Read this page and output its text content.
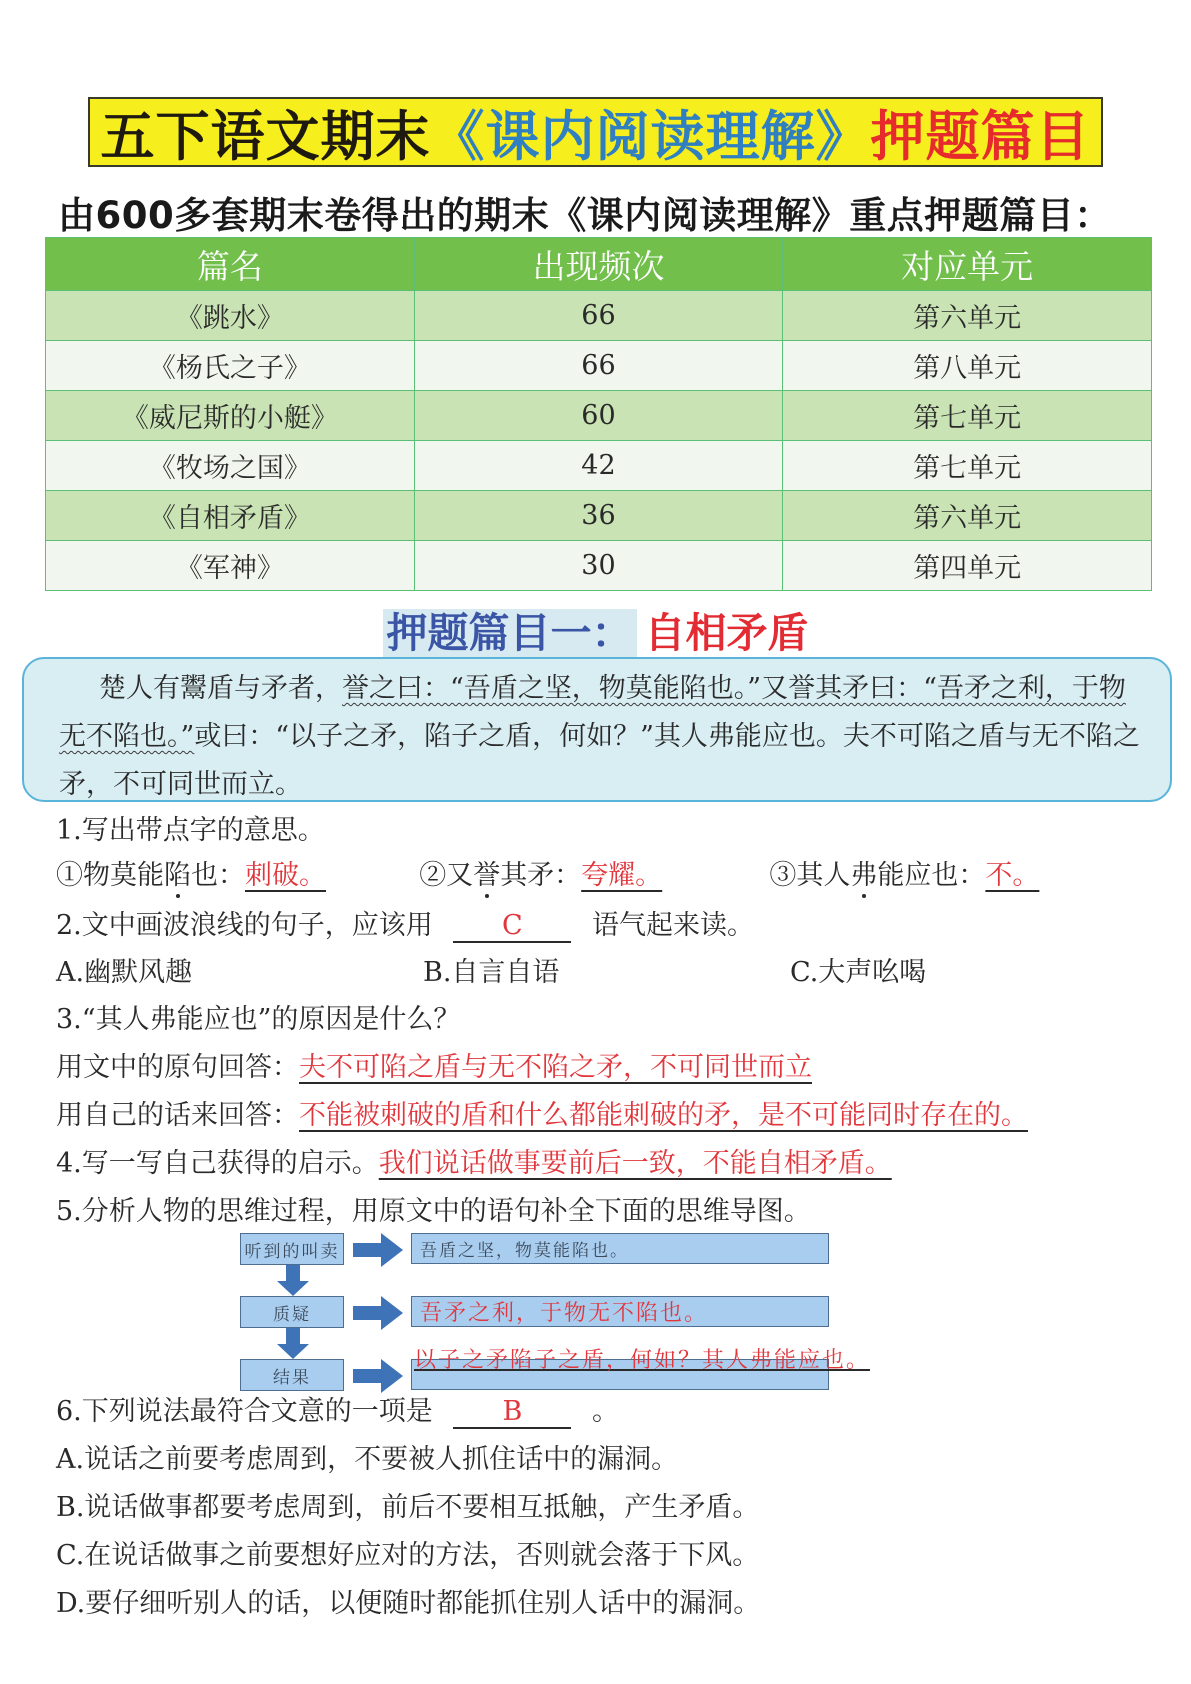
五下语文期末 《课内阅读理解》 押题篇目
由600多套期末卷得出的期末《课内阅读理解》重点押题篇目：
篇名	出现频次	对应单元
《跳水》	66	第六单元
《杨氏之子》	66	第八单元
《威尼斯的小艇》	60	第七单元
《牧场之国》	42	第七单元
《自相矛盾》	36	第六单元
《军神》	30	第四单元
押题篇目一： 自相矛盾
楚人有鬻盾与矛者，誉之曰：“吾盾之坚，物莫能陷也。”又誉其矛曰：“吾矛之利，于物无不陷也。”或曰：“以子之矛，陷子之盾，何如？”其人弗能应也。夫不可陷之盾与无不陷之矛，不可同世而立。
1.写出带点字的意思。
①物莫能陷也：刺破。	②又誉其矛：夸耀。	③其人弗能应也：不。
2.文中画波浪线的句子，应该用	C	语气起来读。
A.幽默风趣	B.自言自语	C.大声吆喝
3.“其人弗能应也”的原因是什么？
用文中的原句回答：夫不可陷之盾与无不陷之矛，不可同世而立
用自己的话来回答：不能被刺破的盾和什么都能刺破的矛，是不可能同时存在的。
4.写一写自己获得的启示。我们说话做事要前后一致，不能自相矛盾。
5.分析人物的思维过程，用原文中的语句补全下面的思维导图。
听到的叫卖
质疑
结果
吾盾之坚，物莫能陷也。
吾矛之利，于物无不陷也。
以子之矛陷子之盾，何如？其人弗能应也。
6.下列说法最符合文意的一项是	B	。
A.说话之前要考虑周到，不要被人抓住话中的漏洞。
B.说话做事都要考虑周到，前后不要相互抵触，产生矛盾。
C.在说话做事之前要想好应对的方法，否则就会落于下风。
D.要仔细听别人的话，以便随时都能抓住别人话中的漏洞。
